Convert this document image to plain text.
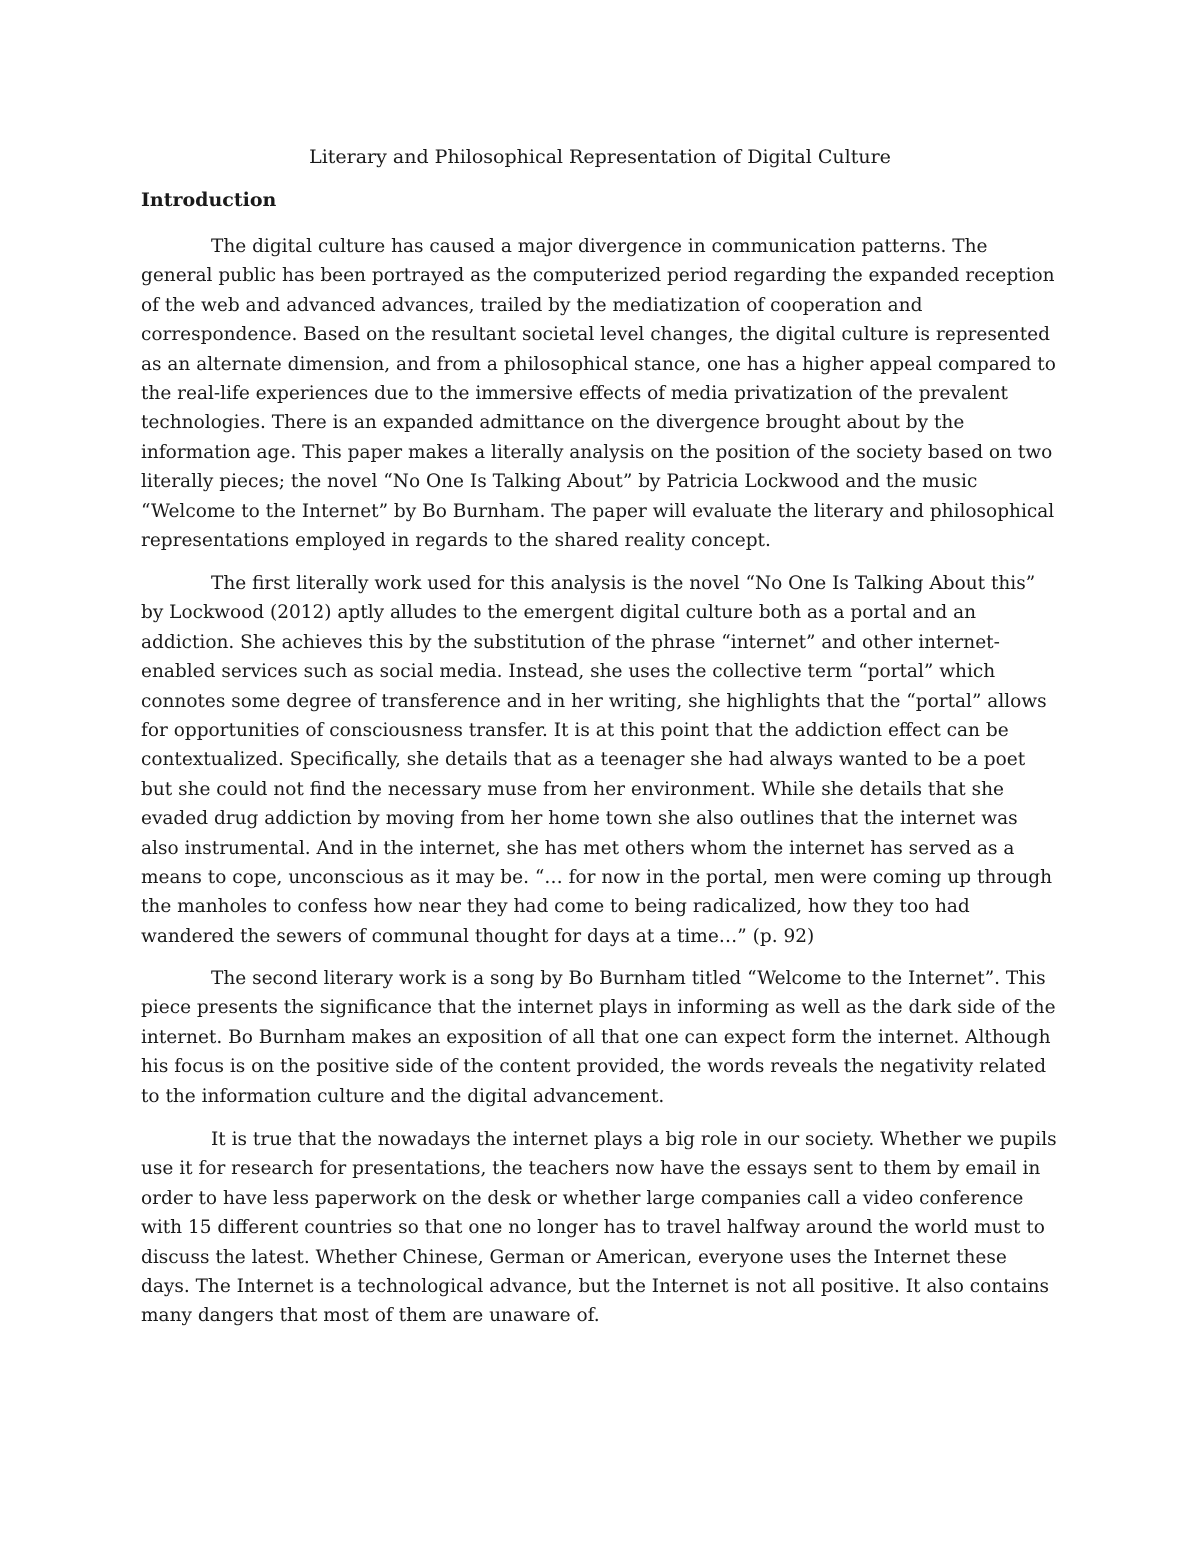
Literary and Philosophical Representation of Digital Culture
Introduction

The digital culture has caused a major divergence in communication patterns. The general public has been portrayed as the computerized period regarding the expanded reception of the web and advanced advances, trailed by the mediatization of cooperation and correspondence. Based on the resultant societal level changes, the digital culture is represented as an alternate dimension, and from a philosophical stance, one has a higher appeal compared to the real-life experiences due to the immersive effects of media privatization of the prevalent technologies. There is an expanded admittance on the divergence brought about by the information age. This paper makes a literally analysis on the position of the society based on two literally pieces; the novel “No One Is Talking About” by Patricia Lockwood and the music “Welcome to the Internet” by Bo Burnham. The paper will evaluate the literary and philosophical representations employed in regards to the shared reality concept.

The first literally work used for this analysis is the novel “No One Is Talking About this” by Lockwood (2012) aptly alludes to the emergent digital culture both as a portal and an addiction. She achieves this by the substitution of the phrase “internet” and other internet-enabled services such as social media. Instead, she uses the collective term “portal” which connotes some degree of transference and in her writing, she highlights that the “portal” allows for opportunities of consciousness transfer. It is at this point that the addiction effect can be contextualized. Specifically, she details that as a teenager she had always wanted to be a poet but she could not find the necessary muse from her environment. While she details that she evaded drug addiction by moving from her home town she also outlines that the internet was also instrumental. And in the internet, she has met others whom the internet has served as a means to cope, unconscious as it may be. “… for now in the portal, men were coming up through the manholes to confess how near they had come to being radicalized, how they too had wandered the sewers of communal thought for days at a time…” (p. 92)

The second literary work is a song by Bo Burnham titled “Welcome to the Internet”. This piece presents the significance that the internet plays in informing as well as the dark side of the internet. Bo Burnham makes an exposition of all that one can expect form the internet. Although his focus is on the positive side of the content provided, the words reveals the negativity related to the information culture and the digital advancement.

It is true that the nowadays the internet plays a big role in our society. Whether we pupils use it for research for presentations, the teachers now have the essays sent to them by email in order to have less paperwork on the desk or whether large companies call a video conference with 15 different countries so that one no longer has to travel halfway around the world must to discuss the latest. Whether Chinese, German or American, everyone uses the Internet these days. The Internet is a technological advance, but the Internet is not all positive. It also contains many dangers that most of them are unaware of.
